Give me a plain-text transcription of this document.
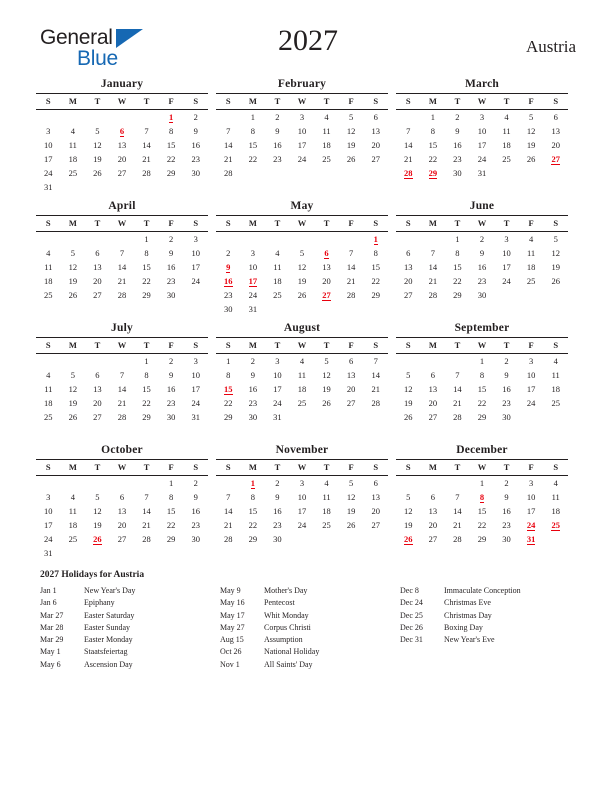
General
Blue
2027	Austria
January
S	M	T	W	T	F	S
					1	2
3	4	5	6	7	8	9
10	11	12	13	14	15	16
17	18	19	20	21	22	23
24	25	26	27	28	29	30
31						
February
S	M	T	W	T	F	S
	1	2	3	4	5	6
7	8	9	10	11	12	13
14	15	16	17	18	19	20
21	22	23	24	25	26	27
28						

March
S	M	T	W	T	F	S
	1	2	3	4	5	6
7	8	9	10	11	12	13
14	15	16	17	18	19	20
21	22	23	24	25	26	27
28	29	30	31			

April
S	M	T	W	T	F	S
				1	2	3
4	5	6	7	8	9	10
11	12	13	14	15	16	17
18	19	20	21	22	23	24
25	26	27	28	29	30	

May
S	M	T	W	T	F	S
						1
2	3	4	5	6	7	8
9	10	11	12	13	14	15
16	17	18	19	20	21	22
23	24	25	26	27	28	29
30	31					
June
S	M	T	W	T	F	S
		1	2	3	4	5
6	7	8	9	10	11	12
13	14	15	16	17	18	19
20	21	22	23	24	25	26
27	28	29	30			

July
S	M	T	W	T	F	S
				1	2	3
4	5	6	7	8	9	10
11	12	13	14	15	16	17
18	19	20	21	22	23	24
25	26	27	28	29	30	31

August
S	M	T	W	T	F	S
1	2	3	4	5	6	7
8	9	10	11	12	13	14
15	16	17	18	19	20	21
22	23	24	25	26	27	28
29	30	31				

September
S	M	T	W	T	F	S
			1	2	3	4
5	6	7	8	9	10	11
12	13	14	15	16	17	18
19	20	21	22	23	24	25
26	27	28	29	30		

October
S	M	T	W	T	F	S
					1	2
3	4	5	6	7	8	9
10	11	12	13	14	15	16
17	18	19	20	21	22	23
24	25	26	27	28	29	30
31						
November
S	M	T	W	T	F	S
	1	2	3	4	5	6
7	8	9	10	11	12	13
14	15	16	17	18	19	20
21	22	23	24	25	26	27
28	29	30				

December
S	M	T	W	T	F	S
			1	2	3	4
5	6	7	8	9	10	11
12	13	14	15	16	17	18
19	20	21	22	23	24	25
26	27	28	29	30	31	

2027 Holidays for Austria
Jan 1	New Year's Day
Jan 6	Epiphany
Mar 27	Easter Saturday
Mar 28	Easter Sunday
Mar 29	Easter Monday
May 1	Staatsfeiertag
May 6	Ascension Day
May 9	Mother's Day
May 16	Pentecost
May 17	Whit Monday
May 27	Corpus Christi
Aug 15	Assumption
Oct 26	National Holiday
Nov 1	All Saints' Day
Dec 8	Immaculate Conception
Dec 24	Christmas Eve
Dec 25	Christmas Day
Dec 26	Boxing Day
Dec 31	New Year's Eve
